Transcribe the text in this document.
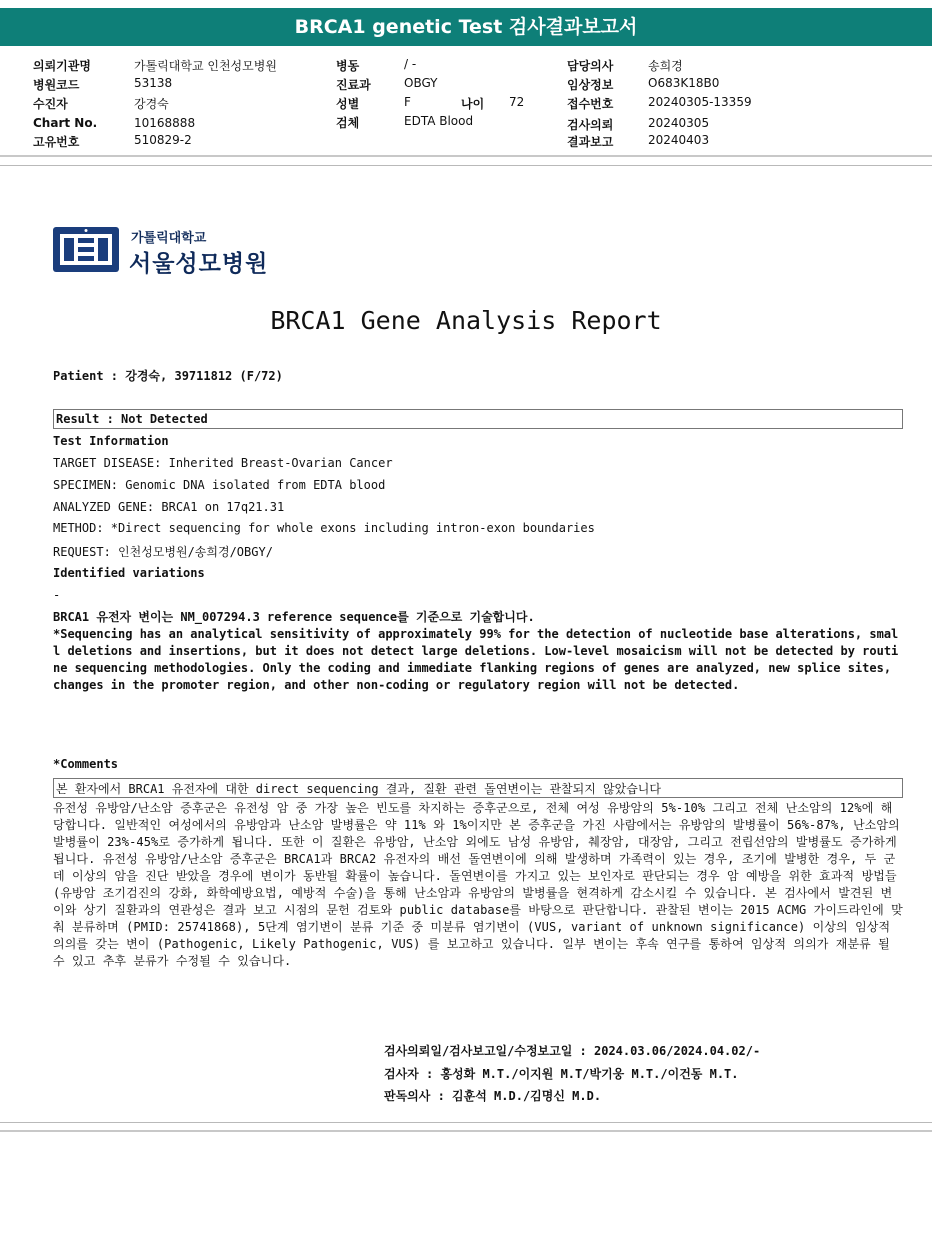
BRCA1 genetic Test 검사결과보고서
의뢰기관명	가톨릭대학교 인천성모병원
병원코드	53138
수진자	강경숙
Chart No.	10168888
고유번호	510829-2
병동	/ -
진료과	OBGY
성별	F	나이 72
검체	EDTA Blood
담당의사	송희경
임상정보	O683K18B0
접수번호	20240305-13359
검사의뢰	20240305
결과보고	20240403
가톨릭대학교
서울성모병원
BRCA1 Gene Analysis Report
Patient : 강경숙, 39711812 (F/72)
Result : Not Detected
Test Information
TARGET DISEASE: Inherited Breast-Ovarian Cancer
SPECIMEN: Genomic DNA isolated from EDTA blood
ANALYZED GENE: BRCA1 on 17q21.31
METHOD: *Direct sequencing for whole exons including intron-exon boundaries
REQUEST: 인천성모병원/송희경/OBGY/
Identified variations
-
BRCA1 유전자 변이는 NM_007294.3 reference sequence를 기준으로 기술합니다.
*Sequencing has an analytical sensitivity of approximately 99% for the detection of nucleotide base alterations, small deletions and insertions, but it does not detect large deletions. Low-level mosaicism will not be detected by routine sequencing methodologies. Only the coding and immediate flanking regions of genes are analyzed, new splice sites, changes in the promoter region, and other non-coding or regulatory region will not be detected.
*Comments
본 환자에서 BRCA1 유전자에 대한 direct sequencing 결과, 질환 관련 돌연변이는 관찰되지 않았습니다
유전성 유방암/난소암 증후군은 유전성 암 중 가장 높은 빈도를 차지하는 증후군으로, 전체 여성 유방암의 5%-10% 그리고 전체 난소암의 12%에 해당합니다. 일반적인 여성에서의 유방암과 난소암 발병률은 약 11% 와 1%이지만 본 증후군을 가진 사람에서는 유방암의 발병률이 56%-87%, 난소암의 발병률이 23%-45%로 증가하게 됩니다. 또한 이 질환은 유방암, 난소암 외에도 남성 유방암, 췌장암, 대장암, 그리고 전립선암의 발병률도 증가하게 됩니다. 유전성 유방암/난소암 증후군은 BRCA1과 BRCA2 유전자의 배선 돌연변이에 의해 발생하며 가족력이 있는 경우, 조기에 발병한 경우, 두 군데 이상의 암을 진단 받았을 경우에 변이가 동반될 확률이 높습니다. 돌연변이를 가지고 있는 보인자로 판단되는 경우 암 예방을 위한 효과적 방법들(유방암 조기검진의 강화, 화학예방요법, 예방적 수술)을 통해 난소암과 유방암의 발병률을 현격하게 감소시킬 수 있습니다. 본 검사에서 발견된 변이와 상기 질환과의 연관성은 결과 보고 시점의 문헌 검토와 public database를 바탕으로 판단합니다. 관찰된 변이는 2015 ACMG 가이드라인에 맞춰 분류하며 (PMID: 25741868), 5단계 염기변이 분류 기준 중 미분류 염기변이 (VUS, variant of unknown significance) 이상의 임상적 의의를 갖는 변이 (Pathogenic, Likely Pathogenic, VUS) 를 보고하고 있습니다. 일부 변이는 후속 연구를 통하여 임상적 의의가 재분류 될 수 있고 추후 분류가 수정될 수 있습니다.
검사의뢰일/검사보고일/수정보고일 : 2024.03.06/2024.04.02/-
검사자 : 홍성화 M.T./이지원 M.T/박기웅 M.T./이건동 M.T.
판독의사 : 김훈석 M.D./김명신 M.D.
